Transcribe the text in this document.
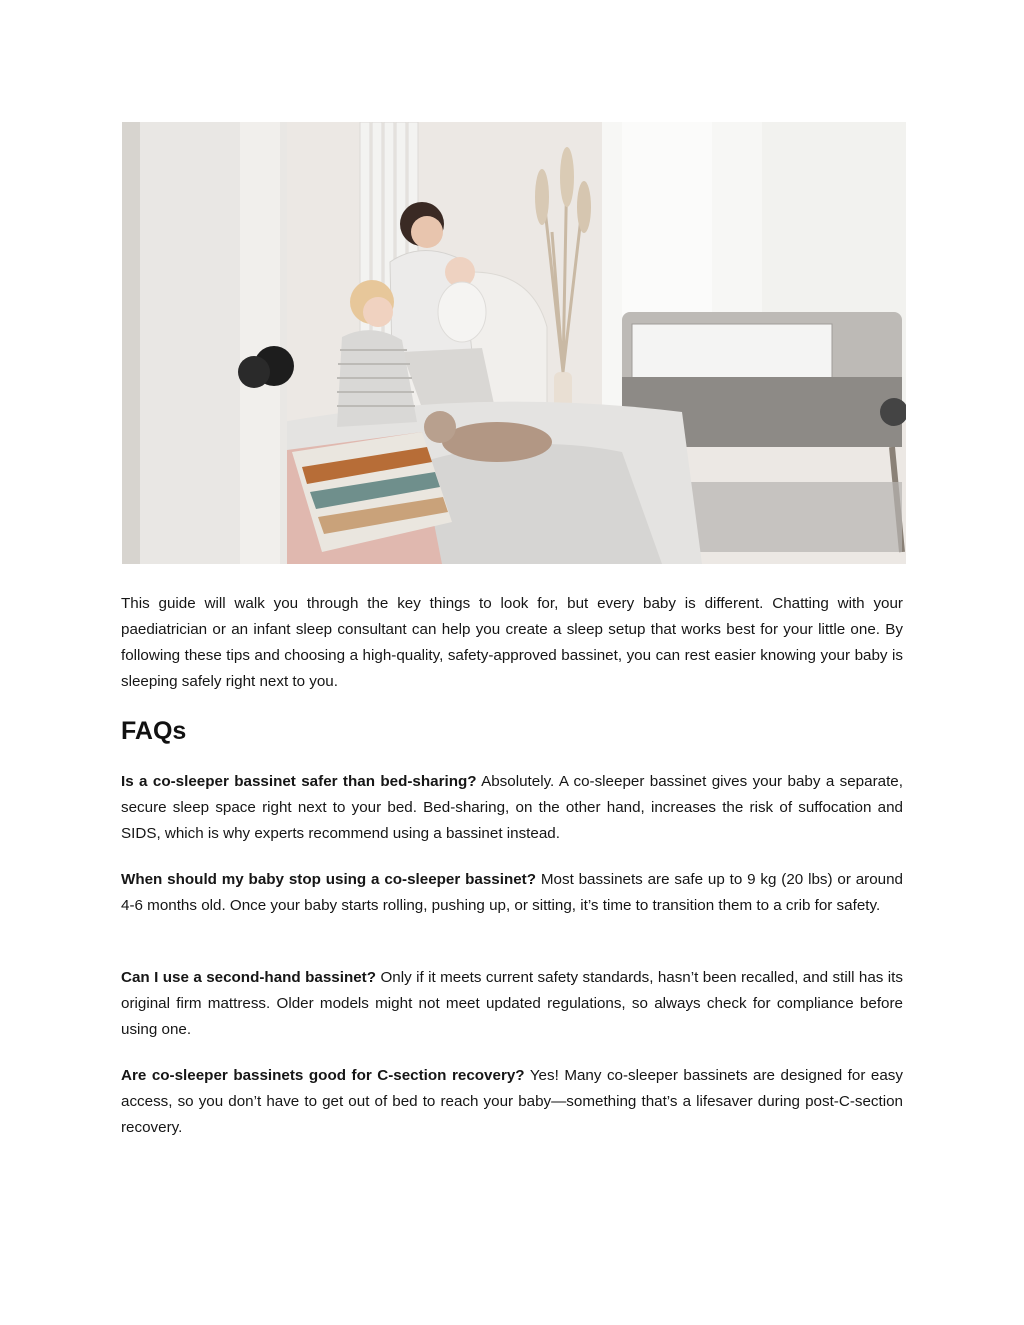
This guide will walk you through the key things to look for, but every baby is different. Chatting with your paediatrician or an infant sleep consultant can help you create a sleep setup that works best for your little one. By following these tips and choosing a high-quality, safety-approved bassinet, you can rest easier knowing your baby is sleeping safely right next to you.

FAQs

Is a co-sleeper bassinet safer than bed-sharing? Absolutely. A co-sleeper bassinet gives your baby a separate, secure sleep space right next to your bed. Bed-sharing, on the other hand, increases the risk of suffocation and SIDS, which is why experts recommend using a bassinet instead.

When should my baby stop using a co-sleeper bassinet? Most bassinets are safe up to 9 kg (20 lbs) or around 4-6 months old. Once your baby starts rolling, pushing up, or sitting, it’s time to transition them to a crib for safety.

Can I use a second-hand bassinet? Only if it meets current safety standards, hasn’t been recalled, and still has its original firm mattress. Older models might not meet updated regulations, so always check for compliance before using one.

Are co-sleeper bassinets good for C-section recovery? Yes! Many co-sleeper bassinets are designed for easy access, so you don’t have to get out of bed to reach your baby—something that’s a lifesaver during post-C-section recovery.
